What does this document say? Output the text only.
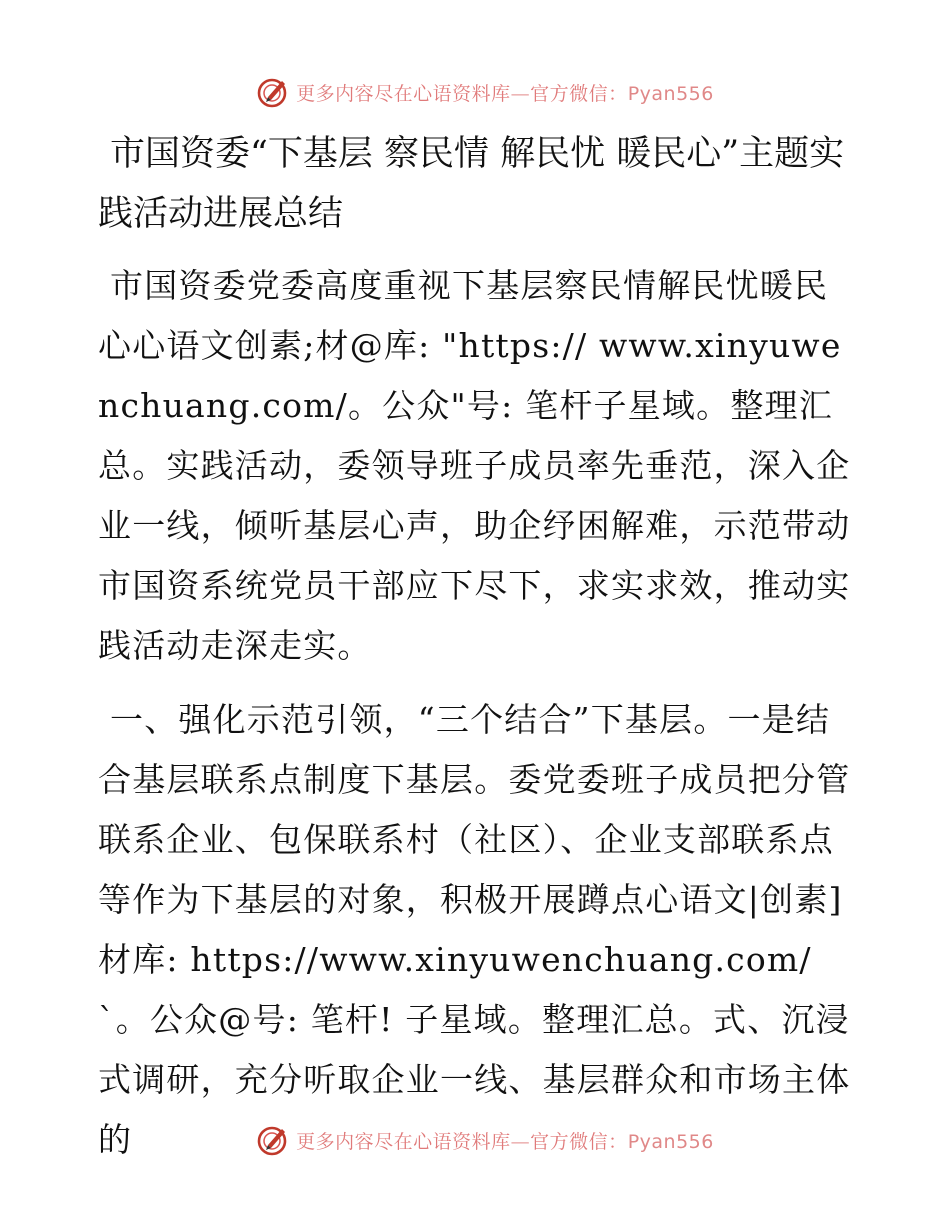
更多内容尽在心语资料库—官方微信：Pyan556
市国资委“下基层 察民情 解民忧 暖民心”主题实践活动进展总结

市国资委党委高度重视下基层察民情解民忧暖民心心语文创素;材@库: "https:// www.xinyuwenchuang.com/。公众"号: 笔杆子星域。整理汇总。实践活动，委领导班子成员率先垂范，深入企业一线，倾听基层心声，助企纾困解难，示范带动市国资系统党员干部应下尽下，求实求效，推动实践活动走深走实。

一、强化示范引领，“三个结合”下基层。一是结合基层联系点制度下基层。委党委班子成员把分管联系企业、包保联系村（社区）、企业支部联系点等作为下基层的对象，积极开展蹲点心语文|创素]材库: https://www.xinyuwenchuang.com/`。公众@号: 笔杆! 子星域。整理汇总。式、沉浸式调研，充分听取企业一线、基层群众和市场主体的	更多内容尽在心语资料库—官方微信：Pyan556
